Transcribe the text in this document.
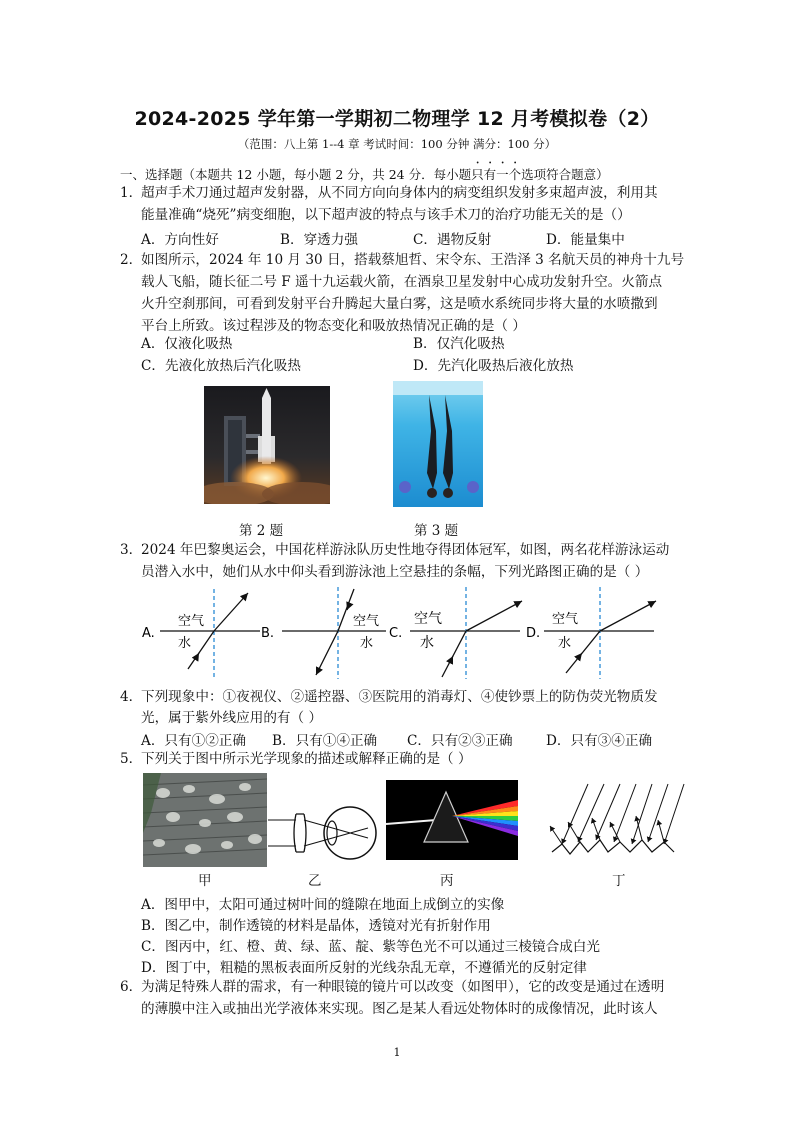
2024-2025 学年第一学期初二物理学 12 月考模拟卷（2）
（范围：八上第 1--4 章 考试时间：100 分钟 满分：100 分）
一、选择题（本题共 12 小题，每小题 2 分，共 24 分．每小题只有一个选项符合题意）
1．
超声手术刀通过超声发射器，从不同方向向身体内的病变组织发射多束超声波，利用其
能量准确“烧死”病变细胞，以下超声波的特点与该手术刀的治疗功能无关的是（）
A．方向性好	B．穿透力强	C．遇物反射	D．能量集中
2．
如图所示，2024 年 10 月 30 日，搭载蔡旭哲、宋令东、王浩泽 3 名航天员的神舟十九号
载人飞船，随长征二号 F 遥十九运载火箭，在酒泉卫星发射中心成功发射升空。火箭点
火升空刹那间，可看到发射平台升腾起大量白雾，这是喷水系统同步将大量的水喷撒到
平台上所致。该过程涉及的物态变化和吸放热情况正确的是（ ）
A．仅液化吸热	B．仅汽化吸热
C．先液化放热后汽化吸热	D．先汽化吸热后液化放热
第 2 题	第 3 题
3．
2024 年巴黎奥运会，中国花样游泳队历史性地夺得团体冠军，如图，两名花样游泳运动
员潜入水中，她们从水中仰头看到游泳池上空悬挂的条幅，下列光路图正确的是（ ）
A.
空气
水
B.
空气
水
C.
空气
水
D.
空气
水
4．
下列现象中：①夜视仪、②遥控器、③医院用的消毒灯、④使钞票上的防伪荧光物质发
光，属于紫外线应用的有（ ）
A．只有①②正确 B．只有①④正确 C．只有②③正确 D．只有③④正确
5．
下列关于图中所示光学现象的描述或解释正确的是（ ）
甲	乙	丙	丁
A．图甲中，太阳可通过树叶间的缝隙在地面上成倒立的实像
B．图乙中，制作透镜的材料是晶体，透镜对光有折射作用
C．图丙中，红、橙、黄、绿、蓝、靛、紫等色光不可以通过三棱镜合成白光
D．图丁中，粗糙的黑板表面所反射的光线杂乱无章，不遵循光的反射定律
6．
为满足特殊人群的需求，有一种眼镜的镜片可以改变（如图甲），它的改变是通过在透明
的薄膜中注入或抽出光学液体来实现。图乙是某人看远处物体时的成像情况，此时该人
1
